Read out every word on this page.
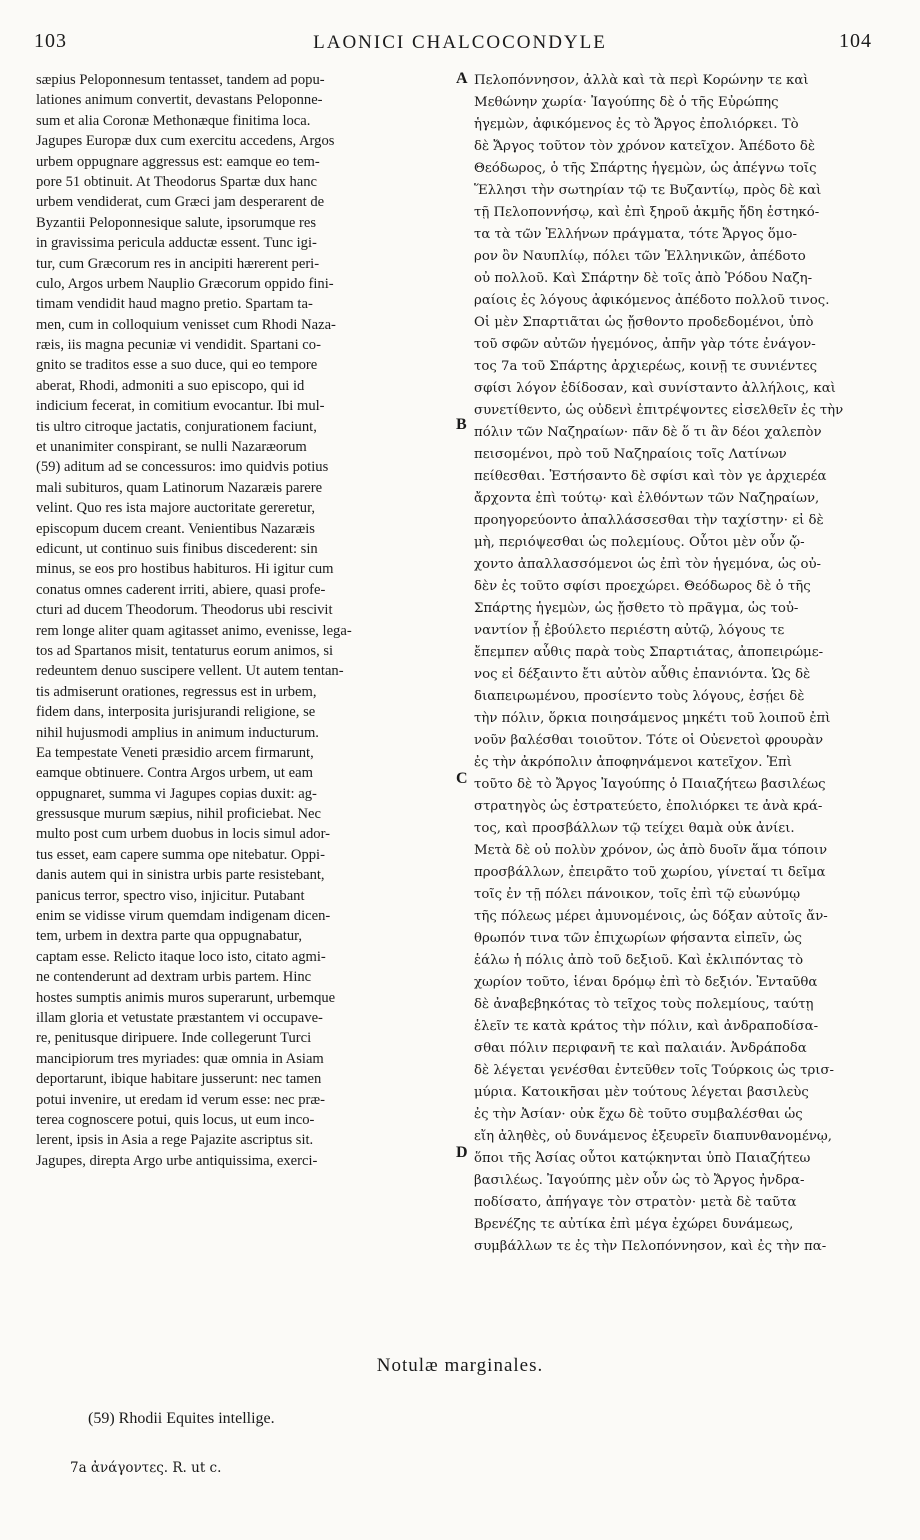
103	LAONICI CHALCOCONDYLE	104
sæpius Peloponnesum tentasset, tandem ad popu-
lationes animum convertit, devastans Peloponne-
sum et alia Coronæ Methonæque finitima loca.
Jagupes Europæ dux cum exercitu accedens, Argos
urbem oppugnare aggressus est: eamque eo tem-
pore 51 obtinuit. At Theodorus Spartæ dux hanc
urbem vendiderat, cum Græci jam desperarent de
Byzantii Peloponnesique salute, ipsorumque res
in gravissima pericula adductæ essent. Tunc igi-
tur, cum Græcorum res in ancipiti hærerent peri-
culo, Argos urbem Nauplio Græcorum oppido fini-
timam vendidit haud magno pretio. Spartam ta-
men, cum in colloquium venisset cum Rhodi Naza-
ræis, iis magna pecuniæ vi vendidit. Spartani co-
gnito se traditos esse a suo duce, qui eo tempore
aberat, Rhodi, admoniti a suo episcopo, qui id
indicium fecerat, in comitium evocantur. Ibi mul-
tis ultro citroque jactatis, conjurationem faciunt,
et unanimiter conspirant, se nulli Nazaræorum
(59) aditum ad se concessuros: imo quidvis potius
mali subituros, quam Latinorum Nazaræis parere
velint. Quo res ista majore auctoritate gereretur,
episcopum ducem creant. Venientibus Nazaræis
edicunt, ut continuo suis finibus discederent: sin
minus, se eos pro hostibus habituros. Hi igitur cum
conatus omnes caderent irriti, abiere, quasi profe-
cturi ad ducem Theodorum. Theodorus ubi rescivit
rem longe aliter quam agitasset animo, evenisse, lega-
tos ad Spartanos misit, tentaturus eorum animos, si
redeuntem denuo suscipere vellent. Ut autem tentan-
tis admiserunt orationes, regressus est in urbem,
fidem dans, interposita jurisjurandi religione, se
nihil hujusmodi amplius in animum inducturum.
Ea tempestate Veneti præsidio arcem firmarunt,
eamque obtinuere. Contra Argos urbem, ut eam
oppugnaret, summa vi Jagupes copias duxit: ag-
gressusque murum sæpius, nihil proficiebat. Nec
multo post cum urbem duobus in locis simul ador-
tus esset, eam capere summa ope nitebatur. Oppi-
danis autem qui in sinistra urbis parte resistebant,
panicus terror, spectro viso, injicitur. Putabant
enim se vidisse virum quemdam indigenam dicen-
tem, urbem in dextra parte qua oppugnabatur,
captam esse. Relicto itaque loco isto, citato agmi-
ne contenderunt ad dextram urbis partem. Hinc
hostes sumptis animis muros superarunt, urbemque
illam gloria et vetustate præstantem vi occupave-
re, penitusque diripuere. Inde collegerunt Turci
mancipiorum tres myriades: quæ omnia in Asiam
deportarunt, ibique habitare jusserunt: nec tamen
potui invenire, ut eredam id verum esse: nec præ-
terea cognoscere potui, quis locus, ut eum inco-
lerent, ipsis in Asia a rege Pajazite ascriptus sit.
Jagupes, direpta Argo urbe antiquissima, exerci-
Πελοπόννησον, ἀλλὰ καὶ τὰ περὶ Κορώνην τε καὶ
Μεθώνην χωρία· Ἰαγούπης δὲ ὁ τῆς Εὐρώπης
ἡγεμὼν, ἀφικόμενος ἐς τὸ Ἄργος ἐπολιόρκει. Τὸ
δὲ Ἄργος τοῦτον τὸν χρόνον κατεῖχον. Ἀπέδοτο δὲ
Θεόδωρος, ὁ τῆς Σπάρτης ἡγεμὼν, ὡς ἀπέγνω τοῖς
Ἕλλησι τὴν σωτηρίαν τῷ τε Βυζαντίῳ, πρὸς δὲ καὶ
τῇ Πελοποννήσῳ, καὶ ἐπὶ ξηροῦ ἀκμῆς ἤδη ἑστηκό-
τα τὰ τῶν Ἑλλήνων πράγματα, τότε Ἄργος ὅμο-
ρον ὂν Ναυπλίῳ, πόλει τῶν Ἑλληνικῶν, ἀπέδοτο
οὐ πολλοῦ. Καὶ Σπάρτην δὲ τοῖς ἀπὸ Ῥόδου Ναζη-
ραίοις ἐς λόγους ἀφικόμενος ἀπέδοτο πολλοῦ τινος.
Οἱ μὲν Σπαρτιᾶται ὡς ᾔσθοντο προδεδομένοι, ὑπὸ
τοῦ σφῶν αὐτῶν ἡγεμόνος, ἀπῆν γὰρ τότε ἐνάγον-
τος 7a τοῦ Σπάρτης ἀρχιερέως, κοινῇ τε συνιέντες
σφίσι λόγον ἐδίδοσαν, καὶ συνίσταντο ἀλλήλοις, καὶ
συνετίθεντο, ὡς οὐδενὶ ἐπιτρέψοντες εἰσελθεῖν ἐς τὴν
πόλιν τῶν Ναζηραίων· πᾶν δὲ ὅ τι ἂν δέοι χαλεπὸν
πεισομένοι, πρὸ τοῦ Ναζηραίοις τοῖς Λατίνων
πείθεσθαι. Ἐστήσαντο δὲ σφίσι καὶ τὸν γε ἀρχιερέα
ἄρχοντα ἐπὶ τούτῳ· καὶ ἐλθόντων τῶν Ναζηραίων,
προηγορεύοντο ἀπαλλάσσεσθαι τὴν ταχίστην· εἰ δὲ
μὴ, περιόψεσθαι ὡς πολεμίους. Οὗτοι μὲν οὖν ᾤ-
χοντο ἀπαλλασσόμενοι ὡς ἐπὶ τὸν ἡγεμόνα, ὡς οὐ-
δὲν ἐς τοῦτο σφίσι προεχώρει. Θεόδωρος δὲ ὁ τῆς
Σπάρτης ἡγεμὼν, ὡς ᾔσθετο τὸ πρᾶγμα, ὡς τοὐ-
ναντίον ᾗ ἐβούλετο περιέστη αὐτῷ, λόγους τε
ἔπεμπεν αὖθις παρὰ τοὺς Σπαρτιάτας, ἀποπειρώμε-
νος εἰ δέξαιντο ἔτι αὐτὸν αὖθις ἐπανιόντα. Ὡς δὲ
διαπειρωμένου, προσίεντο τοὺς λόγους, ἐσῄει δὲ
τὴν πόλιν, ὅρκια ποιησάμενος μηκέτι τοῦ λοιποῦ ἐπὶ
νοῦν βαλέσθαι τοιοῦτον. Τότε οἱ Οὐενετοὶ φρουρὰν
ἐς τὴν ἀκρόπολιν ἀποφηνάμενοι κατεῖχον. Ἐπὶ
τοῦτο δὲ τὸ Ἄργος Ἰαγούπης ὁ Παιαζήτεω βασιλέως
στρατηγὸς ὡς ἐστρατεύετο, ἐπολιόρκει τε ἀνὰ κρά-
τος, καὶ προσβάλλων τῷ τείχει θαμὰ οὐκ ἀνίει.
Μετὰ δὲ οὐ πολὺν χρόνον, ὡς ἀπὸ δυοῖν ἅμα τόποιν
προσβάλλων, ἐπειρᾶτο τοῦ χωρίου, γίνεταί τι δεῖμα
τοῖς ἐν τῇ πόλει πάνοικον, τοῖς ἐπὶ τῷ εὐωνύμῳ
τῆς πόλεως μέρει ἀμυνομένοις, ὡς δόξαν αὐτοῖς ἄν-
θρωπόν τινα τῶν ἐπιχωρίων φήσαντα εἰπεῖν, ὡς
ἑάλω ἡ πόλις ἀπὸ τοῦ δεξιοῦ. Καὶ ἐκλιπόντας τὸ
χωρίον τοῦτο, ἱέναι δρόμῳ ἐπὶ τὸ δεξιόν. Ἐνταῦθα
δὲ ἀναβεβηκότας τὸ τεῖχος τοὺς πολεμίους, ταύτῃ
ἑλεῖν τε κατὰ κράτος τὴν πόλιν, καὶ ἀνδραποδίσα-
σθαι πόλιν περιφανῆ τε καὶ παλαιάν. Ἀνδράποδα
δὲ λέγεται γενέσθαι ἐντεῦθεν τοῖς Τούρκοις ὡς τρισ-
μύρια. Κατοικῆσαι μὲν τούτους λέγεται βασιλεὺς
ἐς τὴν Ἀσίαν· οὐκ ἔχω δὲ τοῦτο συμβαλέσθαι ὡς
εἴη ἀληθὲς, οὐ δυνάμενος ἐξευρεῖν διαπυνθανομένῳ,
ὅποι τῆς Ἀσίας οὗτοι κατῴκηνται ὑπὸ Παιαζήτεω
βασιλέως. Ἰαγούπης μὲν οὖν ὡς τὸ Ἄργος ἠνδρα-
ποδίσατο, ἀπήγαγε τὸν στρατὸν· μετὰ δὲ ταῦτα
Βρενέζης τε αὐτίκα ἐπὶ μέγα ἐχώρει δυνάμεως,
συμβάλλων τε ἐς τὴν Πελοπόννησον, καὶ ἐς τὴν πα-
A
B
C
D
Notulæ marginales.
(59) Rhodii Equites intellige.
7a ἀνάγοντες. R. ut c.
